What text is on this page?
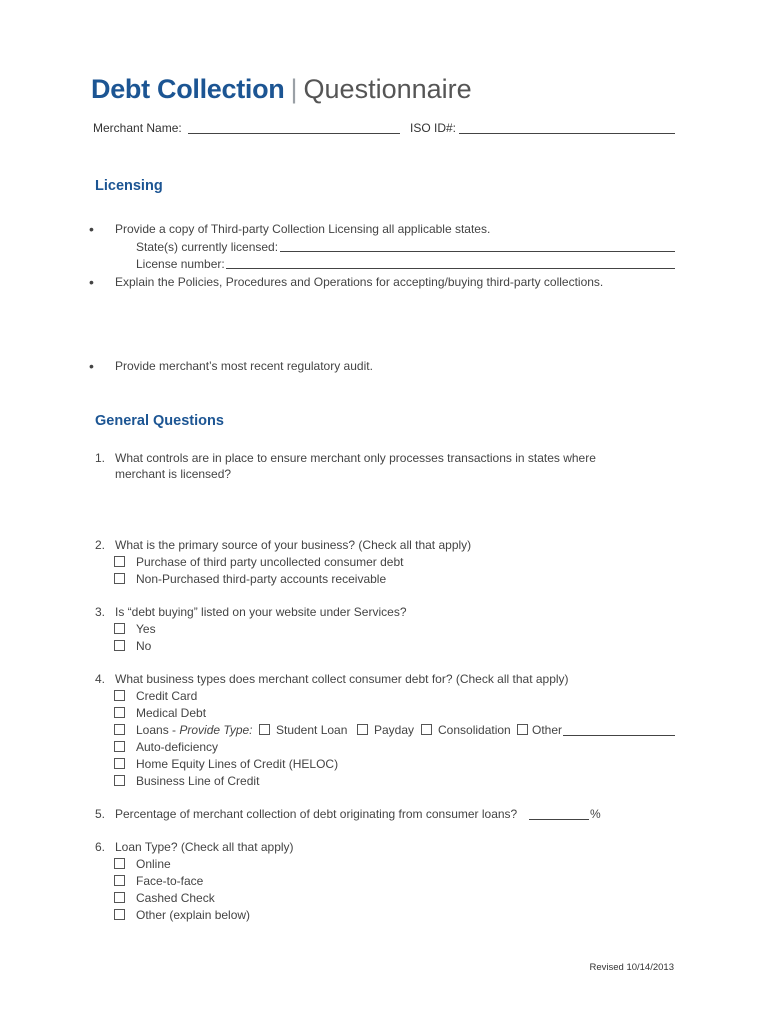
Debt Collection | Questionnaire
Merchant Name:	ISO ID#:
Licensing
• Provide a copy of Third-party Collection Licensing all applicable states.
State(s) currently licensed:
License number:
• Explain the Policies, Procedures and Operations for accepting/buying third-party collections.
• Provide merchant’s most recent regulatory audit.
General Questions
1. What controls are in place to ensure merchant only processes transactions in states where
merchant is licensed?
2. What is the primary source of your business? (Check all that apply)
Purchase of third party uncollected consumer debt
Non-Purchased third-party accounts receivable
3. Is “debt buying” listed on your website under Services?
Yes
No
4. What business types does merchant collect consumer debt for? (Check all that apply)
Credit Card
Medical Debt
Loans - Provide Type: Student Loan Payday Consolidation Other
Auto-deficiency
Home Equity Lines of Credit (HELOC)
Business Line of Credit
5. Percentage of merchant collection of debt originating from consumer loans?	%
6. Loan Type? (Check all that apply)
Online
Face-to-face
Cashed Check
Other (explain below)
Revised 10/14/2013
